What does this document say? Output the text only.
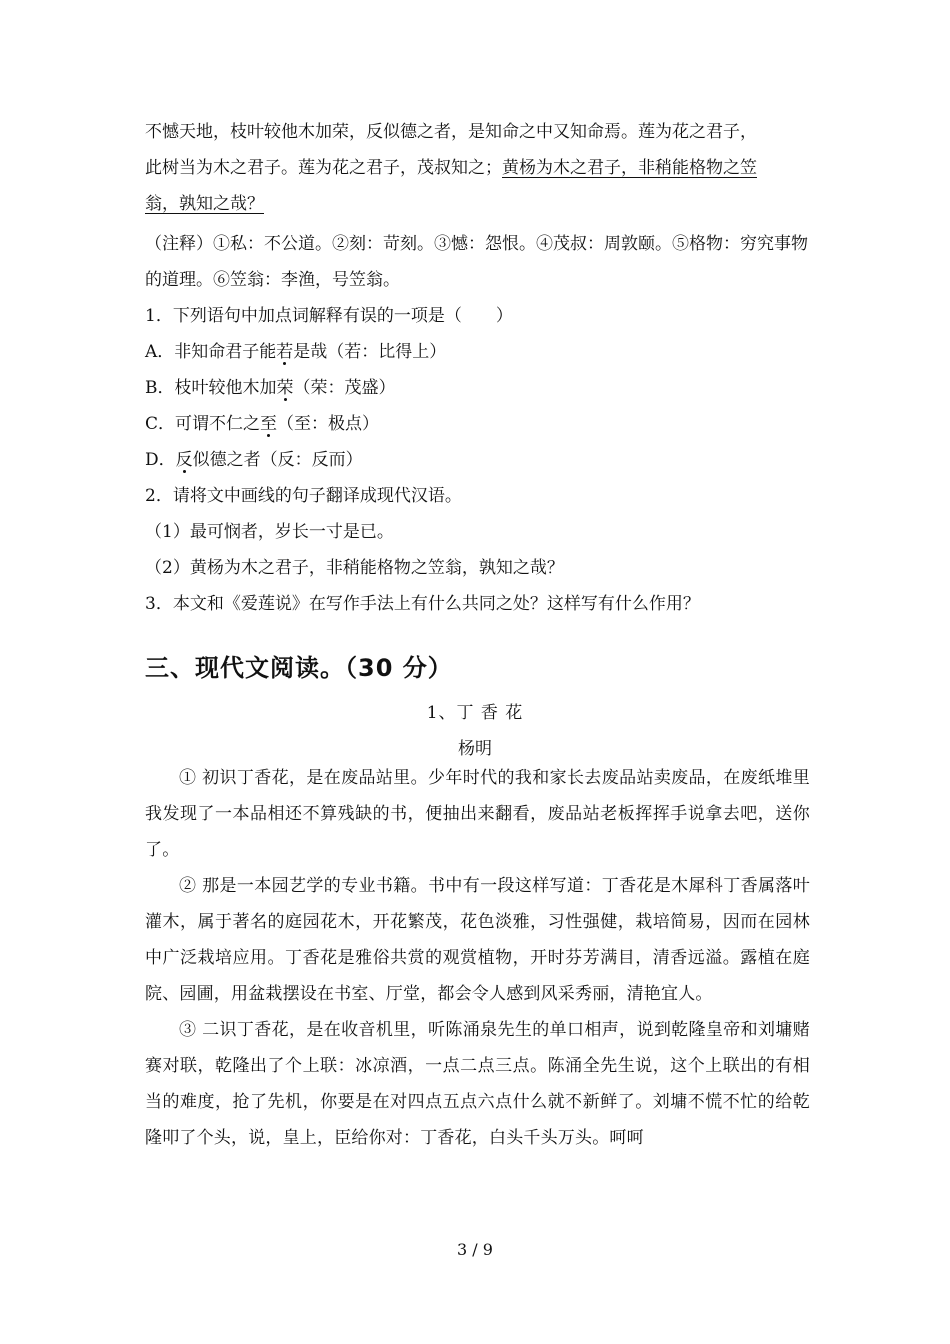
不憾天地，枝叶较他木加荣，反似德之者，是知命之中又知命焉。莲为花之君子，
此树当为木之君子。莲为花之君子，茂叔知之；黄杨为木之君子，非稍能格物之笠
翁，孰知之哉？
（注释）①私：不公道。②刻：苛刻。③憾：怨恨。④茂叔：周敦颐。⑤格物：穷究事物
的道理。⑥笠翁：李渔，号笠翁。
1．下列语句中加点词解释有误的一项是（　　）
A．非知命君子能若是哉（若：比得上）
B．枝叶较他木加荣（荣：茂盛）
C．可谓不仁之至（至：极点）
D．反似德之者（反：反而）
2．请将文中画线的句子翻译成现代汉语。
（1）最可悯者，岁长一寸是已。
（2）黄杨为木之君子，非稍能格物之笠翁，孰知之哉？
3．本文和《爱莲说》在写作手法上有什么共同之处？这样写有什么作用？
三、现代文阅读。（30 分）
1、丁 香 花
杨明

① 初识丁香花，是在废品站里。少年时代的我和家长去废品站卖废品，在废纸堆里我发现了一本品相还不算残缺的书，便抽出来翻看，废品站老板挥挥手说拿去吧，送你了。

② 那是一本园艺学的专业书籍。书中有一段这样写道：丁香花是木犀科丁香属落叶灌木，属于著名的庭园花木，开花繁茂，花色淡雅，习性强健，栽培简易，因而在园林中广泛栽培应用。丁香花是雅俗共赏的观赏植物，开时芬芳满目，清香远溢。露植在庭院、园圃，用盆栽摆设在书室、厅堂，都会令人感到风采秀丽，清艳宜人。

③ 二识丁香花，是在收音机里，听陈涌泉先生的单口相声，说到乾隆皇帝和刘墉赌赛对联，乾隆出了个上联：冰凉酒，一点二点三点。陈涌全先生说，这个上联出的有相当的难度，抢了先机，你要是在对四点五点六点什么就不新鲜了。刘墉不慌不忙的给乾隆叩了个头，说，皇上，臣给你对：丁香花，白头千头万头。呵呵

3 / 9
